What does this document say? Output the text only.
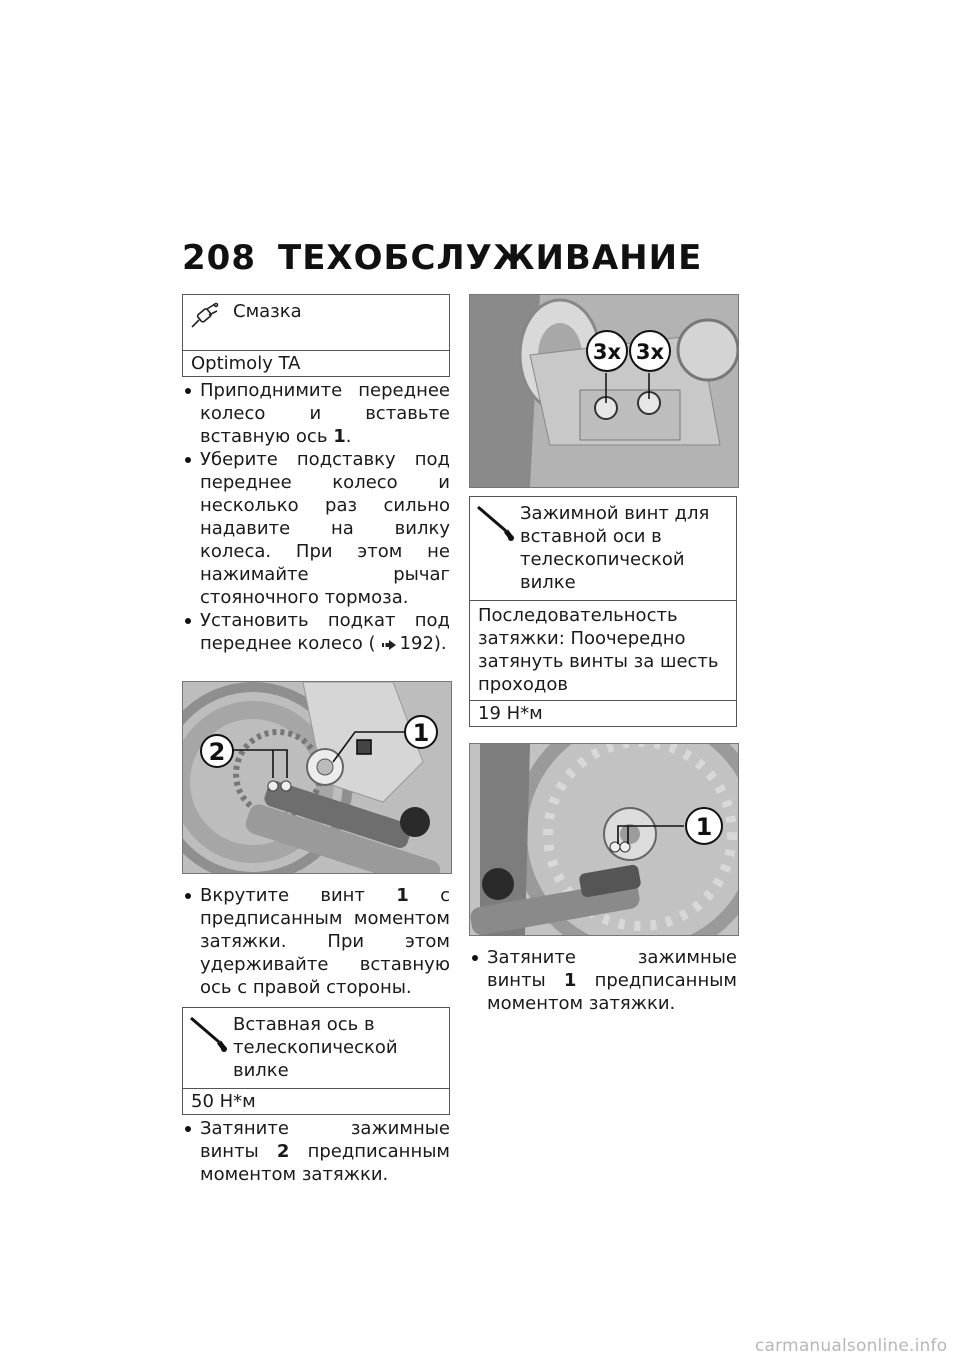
208 ТЕХОБСЛУЖИВАНИЕ
Смазка
Optimoly TA
Приподнимите переднее колесо и вставьте вставную ось 1.
Уберите подставку под переднее колесо и несколько раз сильно надавите на вилку колеса. При этом не нажимайте рычаг стояночного тормоза.
Установить подкат под переднее колесо ( 192).
2
1
Вкрутите винт 1 с предписанным моментом затяжки. При этом удерживайте вставную ось с правой стороны.
Вставная ось в телескопической вилке
50 Н*м
Затяните зажимные винты 2 предписанным моментом затяжки.
3x 3x
Зажимной винт для вставной оси в телескопической вилке
Последовательность затяжки: Поочередно затянуть винты за шесть проходов
19 Н*м
1
Затяните зажимные винты 1 предписанным моментом затяжки.
carmanualsonline.info
